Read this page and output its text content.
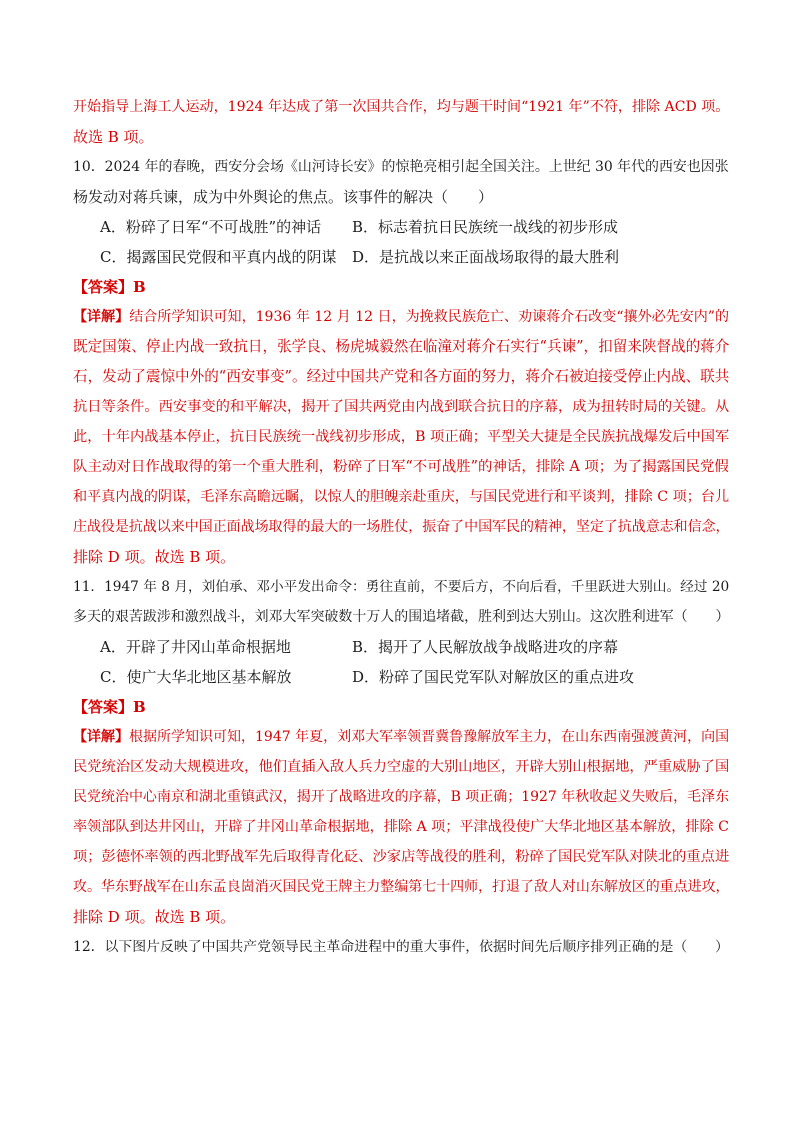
开始指导上海工人运动，1924 年达成了第一次国共合作，均与题干时间“1921 年”不符，排除 ACD 项。
故选 B 项。
10．2024 年的春晚，西安分会场《山河诗长安》的惊艳亮相引起全国关注。上世纪 30 年代的西安也因张
杨发动对蒋兵谏，成为中外舆论的焦点。该事件的解决（　　）
A．粉碎了日军“不可战胜”的神话 B．标志着抗日民族统一战线的初步形成
C．揭露国民党假和平真内战的阴谋 D．是抗战以来正面战场取得的最大胜利
【答案】B
【详解】结合所学知识可知，1936 年 12 月 12 日，为挽救民族危亡、劝谏蒋介石改变“攘外必先安内”的
既定国策、停止内战一致抗日，张学良、杨虎城毅然在临潼对蒋介石实行“兵谏”，扣留来陕督战的蒋介
石，发动了震惊中外的“西安事变”。经过中国共产党和各方面的努力，蒋介石被迫接受停止内战、联共
抗日等条件。西安事变的和平解决，揭开了国共两党由内战到联合抗日的序幕，成为扭转时局的关键。从
此，十年内战基本停止，抗日民族统一战线初步形成，B 项正确；平型关大捷是全民族抗战爆发后中国军
队主动对日作战取得的第一个重大胜利，粉碎了日军“不可战胜”的神话，排除 A 项；为了揭露国民党假
和平真内战的阴谋，毛泽东高瞻远瞩，以惊人的胆魄亲赴重庆，与国民党进行和平谈判，排除 C 项；台儿
庄战役是抗战以来中国正面战场取得的最大的一场胜仗，振奋了中国军民的精神，坚定了抗战意志和信念，
排除 D 项。故选 B 项。
11．1947 年 8 月，刘伯承、邓小平发出命令：勇往直前，不要后方，不向后看，千里跃进大别山。经过 20
多天的艰苦跋涉和激烈战斗，刘邓大军突破数十万人的围追堵截，胜利到达大别山。这次胜利进军（　　）
A．开辟了井冈山革命根据地	B．揭开了人民解放战争战略进攻的序幕
C．使广大华北地区基本解放	D．粉碎了国民党军队对解放区的重点进攻
【答案】B
【详解】根据所学知识可知，1947 年夏，刘邓大军率领晋冀鲁豫解放军主力，在山东西南强渡黄河，向国
民党统治区发动大规模进攻，他们直插入敌人兵力空虚的大别山地区，开辟大别山根据地，严重威胁了国
民党统治中心南京和湖北重镇武汉，揭开了战略进攻的序幕，B 项正确；1927 年秋收起义失败后，毛泽东
率领部队到达井冈山，开辟了井冈山革命根据地，排除 A 项；平津战役使广大华北地区基本解放，排除 C
项；彭德怀率领的西北野战军先后取得青化砭、沙家店等战役的胜利，粉碎了国民党军队对陕北的重点进
攻。华东野战军在山东孟良崮消灭国民党王牌主力整编第七十四师，打退了敌人对山东解放区的重点进攻，
排除 D 项。故选 B 项。
12．以下图片反映了中国共产党领导民主革命进程中的重大事件，依据时间先后顺序排列正确的是（　　）
